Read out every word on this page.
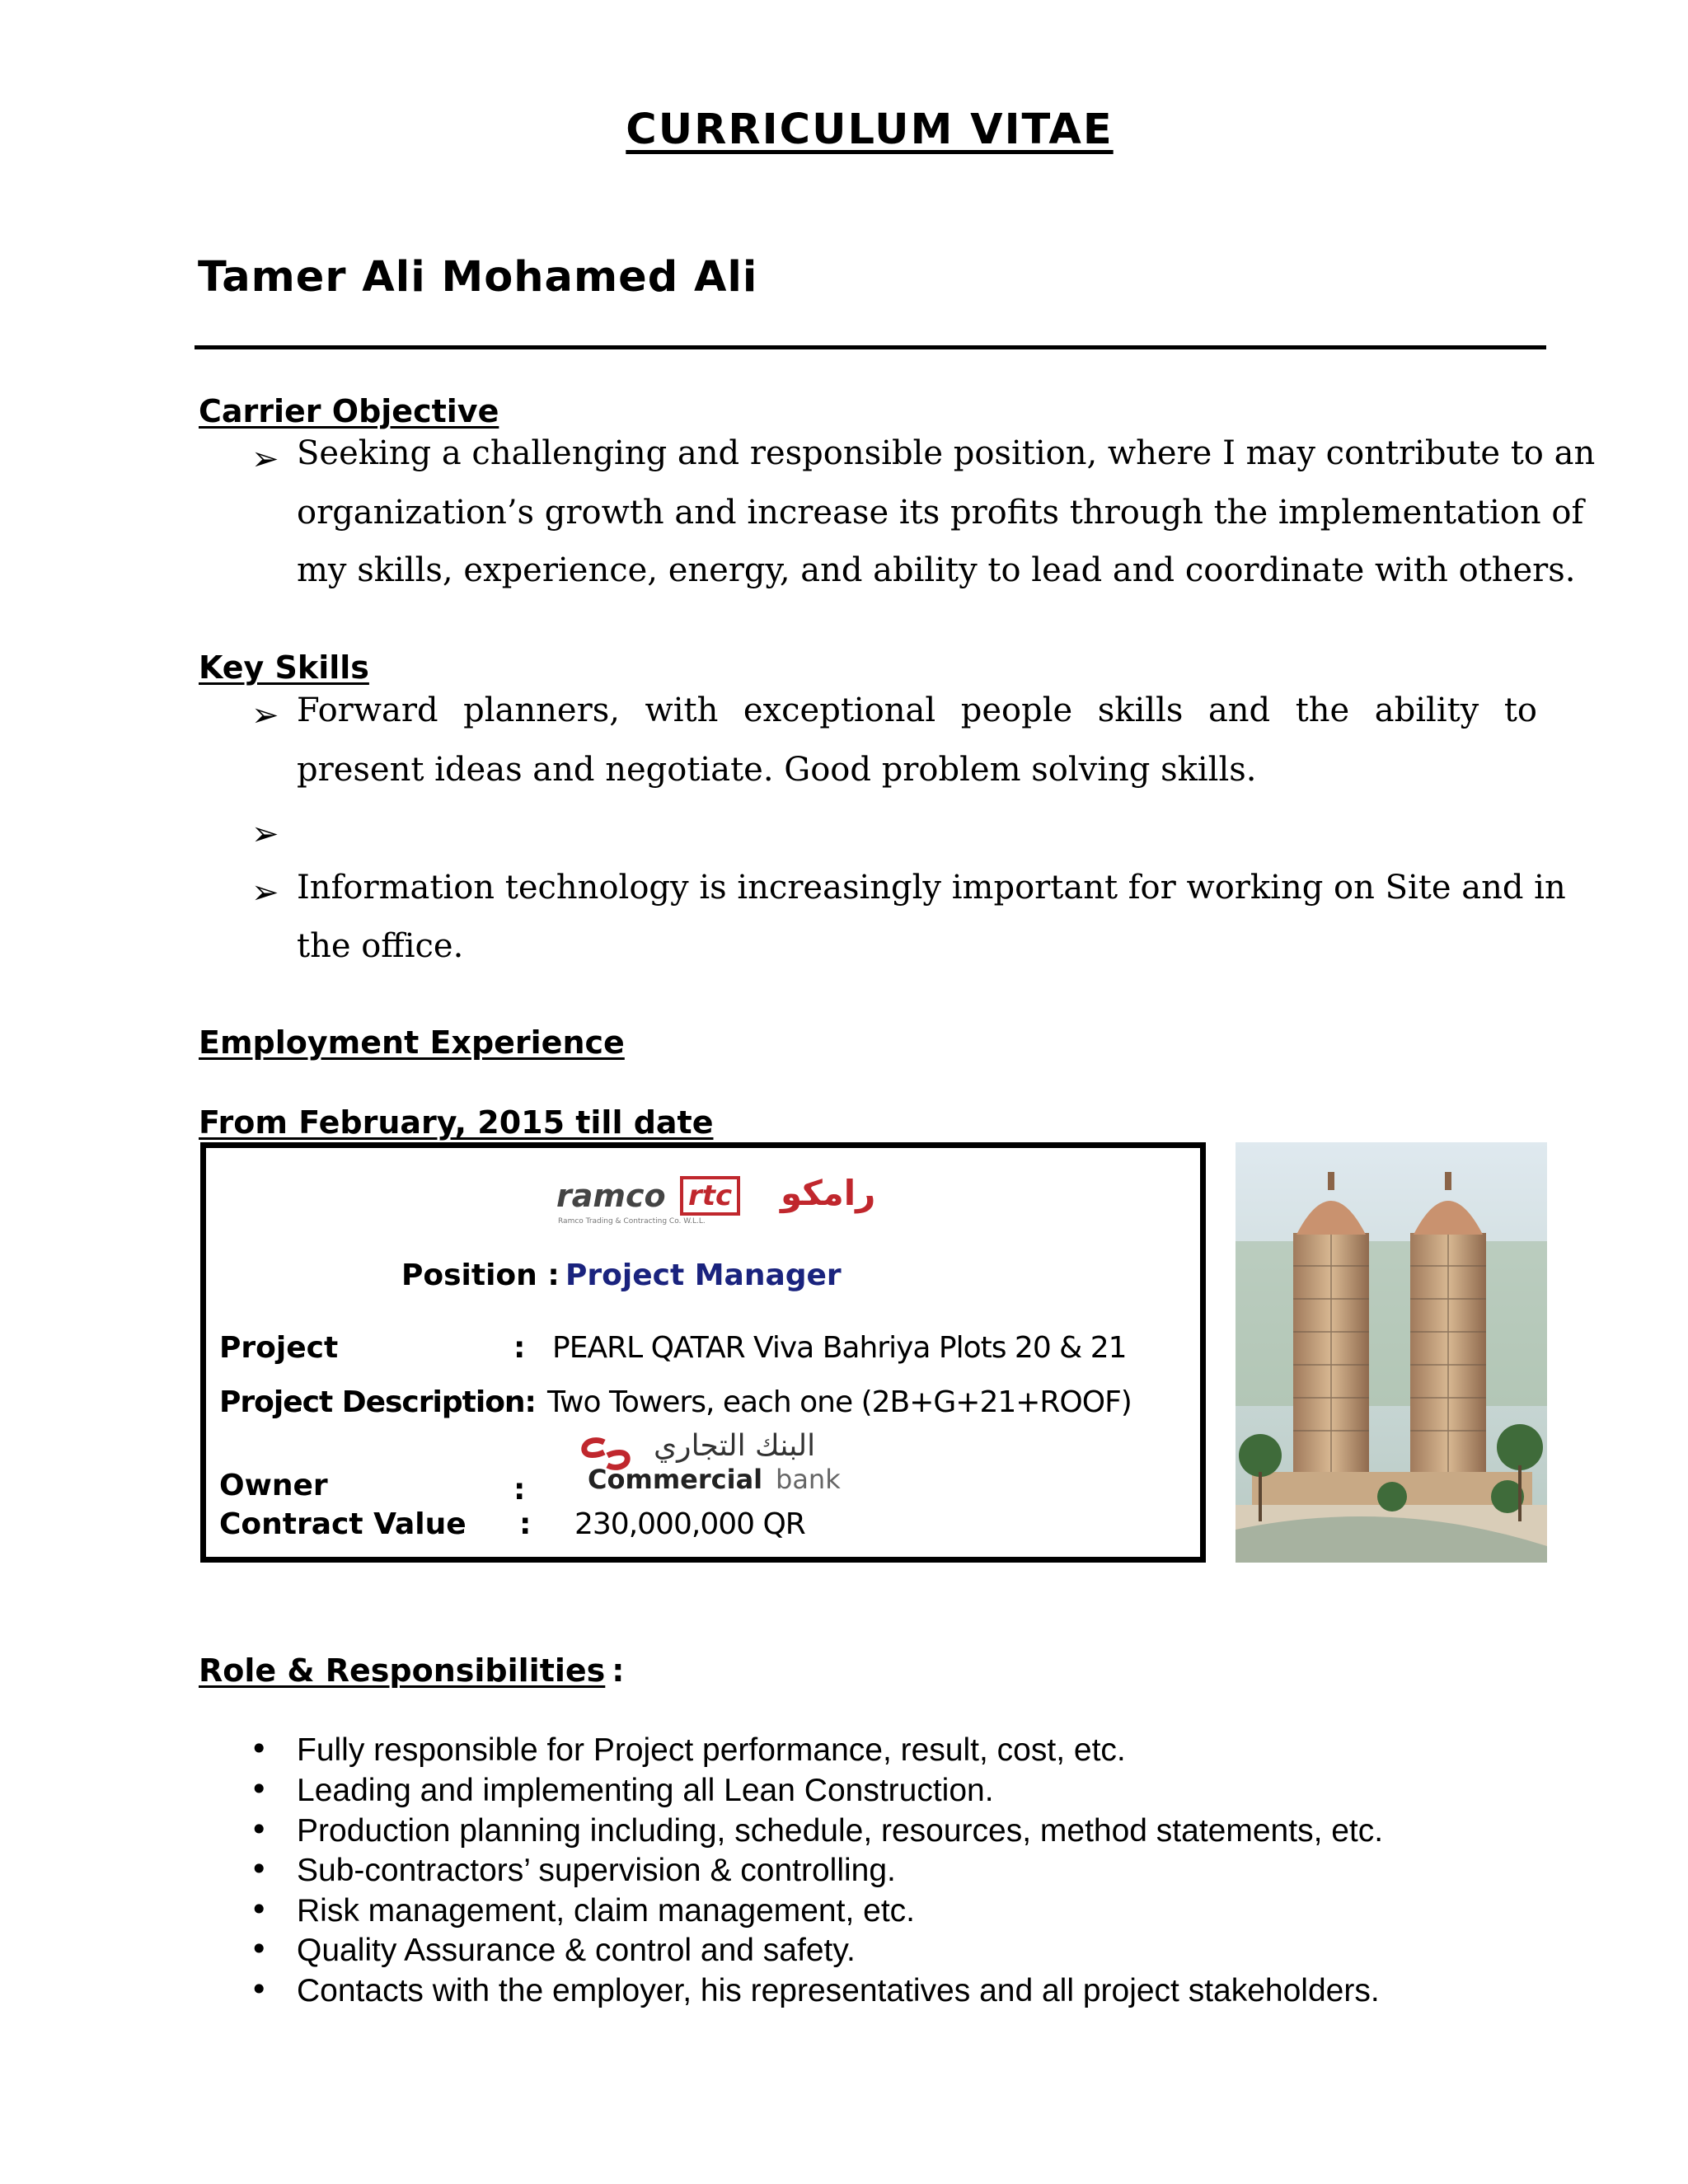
CURRICULUM VITAE
Tamer Ali Mohamed Ali
Carrier Objective
➢ Seeking a challenging and responsible position, where I may contribute to an
organization’s growth and increase its profits through the implementation of
my skills, experience, energy, and ability to lead and coordinate with others.
Key Skills
➢ Forward planners, with exceptional people skills and the ability to
present ideas and negotiate. Good problem solving skills.
➢
➢ Information technology is increasingly important for working on Site and in
the office.
Employment Experience
From February, 2015 till date
ramco rtc رامكو
Ramco Trading & Contracting Co. W.L.L.
Position : Project Manager
Project	: PEARL QATAR Viva Bahriya Plots 20 & 21
Project Description: Two Towers, each one (2B+G+21+ROOF)
البنك التجاري
Commercial bank
Owner	:
Contract Value : 230,000,000 QR
Role & Responsibilities :
• Fully responsible for Project performance, result, cost, etc.
• Leading and implementing all Lean Construction.
• Production planning including, schedule, resources, method statements, etc.
• Sub-contractors’ supervision & controlling.
• Risk management, claim management, etc.
• Quality Assurance & control and safety.
• Contacts with the employer, his representatives and all project stakeholders.
